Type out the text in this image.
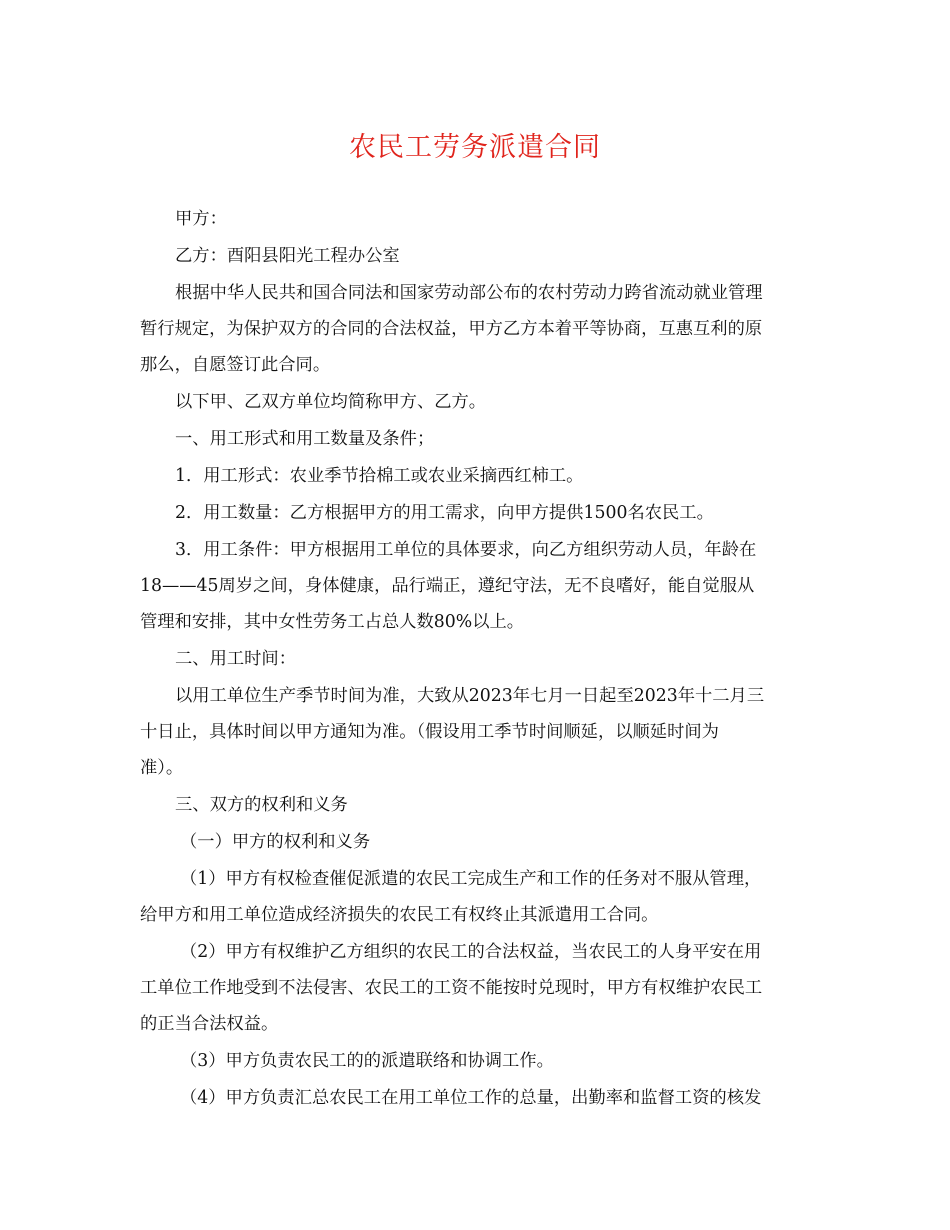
农民工劳务派遣合同
甲方：
乙方：酉阳县阳光工程办公室
根据中华人民共和国合同法和国家劳动部公布的农村劳动力跨省流动就业管理
暂行规定，为保护双方的合同的合法权益，甲方乙方本着平等协商，互惠互利的原
那么，自愿签订此合同。
以下甲、乙双方单位均简称甲方、乙方。
一、用工形式和用工数量及条件；
1．用工形式：农业季节拾棉工或农业采摘西红柿工。
2．用工数量：乙方根据甲方的用工需求，向甲方提供1500名农民工。
3．用工条件：甲方根据用工单位的具体要求，向乙方组织劳动人员，年龄在
18——45周岁之间，身体健康，品行端正，遵纪守法，无不良嗜好，能自觉服从
管理和安排，其中女性劳务工占总人数80%以上。
二、用工时间：
以用工单位生产季节时间为准，大致从2023年七月一日起至2023年十二月三
十日止，具体时间以甲方通知为准。（假设用工季节时间顺延，以顺延时间为
准）。
三、双方的权利和义务
（一）甲方的权利和义务
（1）甲方有权检查催促派遣的农民工完成生产和工作的任务对不服从管理，
给甲方和用工单位造成经济损失的农民工有权终止其派遣用工合同。
（2）甲方有权维护乙方组织的农民工的合法权益，当农民工的人身平安在用
工单位工作地受到不法侵害、农民工的工资不能按时兑现时，甲方有权维护农民工
的正当合法权益。
（3）甲方负责农民工的的派遣联络和协调工作。
（4）甲方负责汇总农民工在用工单位工作的总量，出勤率和监督工资的核发
